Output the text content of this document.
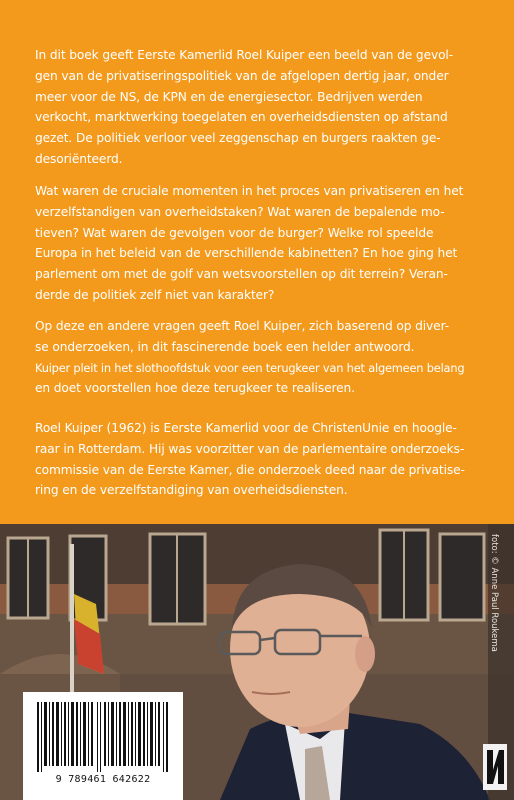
In dit boek geeft Eerste Kamerlid Roel Kuiper een beeld van de gevol-
gen van de privatiseringspolitiek van de afgelopen dertig jaar, onder
meer voor de NS, de KPN en de energiesector. Bedrijven werden
verkocht, marktwerking toegelaten en overheidsdiensten op afstand
gezet. De politiek verloor veel zeggenschap en burgers raakten ge-
desoriënteerd.
Wat waren de cruciale momenten in het proces van privatiseren en het
verzelfstandigen van overheidstaken? Wat waren de bepalende mo-
tieven? Wat waren de gevolgen voor de burger? Welke rol speelde
Europa in het beleid van de verschillende kabinetten? En hoe ging het
parlement om met de golf van wetsvoorstellen op dit terrein? Veran-
derde de politiek zelf niet van karakter?
Op deze en andere vragen geeft Roel Kuiper, zich baserend op diver-
se onderzoeken, in dit fascinerende boek een helder antwoord.
Kuiper pleit in het slothoofdstuk voor een terugkeer van het algemeen belang
en doet voorstellen hoe deze terugkeer te realiseren.
Roel Kuiper (1962) is Eerste Kamerlid voor de ChristenUnie en hoogle-
raar in Rotterdam. Hij was voorzitter van de parlementaire onderzoeks-
commissie van de Eerste Kamer, die onderzoek deed naar de privatise-
ring en de verzelfstandiging van overheidsdiensten.
foto: © Anne Paul Roukema
9 789461 642622
